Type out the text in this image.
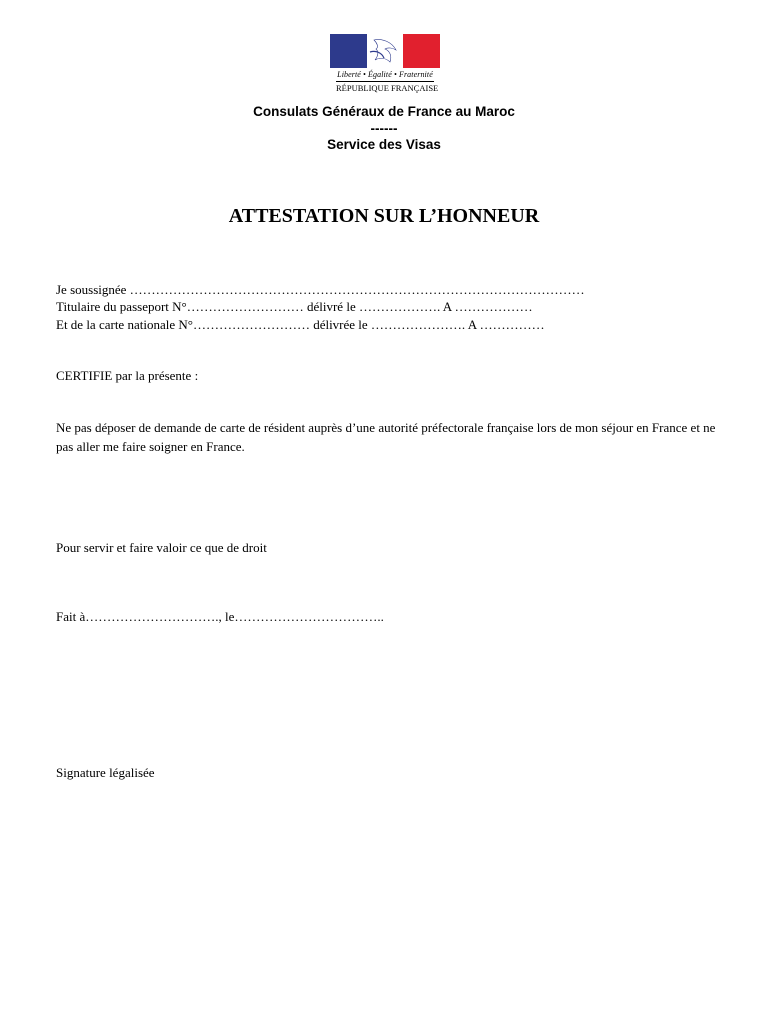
Liberté • Égalité • Fraternité
RÉPUBLIQUE FRANÇAISE
Consulats Généraux de France au Maroc
------
Service des Visas
ATTESTATION SUR L’HONNEUR
Je soussignée ……………………………………………………………………………………………
Titulaire du passeport N°……………………… délivré le ………………. A ………………
Et de la carte nationale N°……………………… délivrée le …………………. A ……………
CERTIFIE par la présente :
Ne pas déposer de demande de carte de résident auprès d’une autorité préfectorale française lors de mon séjour en France et ne pas aller me faire soigner en France.
Pour servir et faire valoir ce que de droit
Fait à…………………………., le……………………………..
Signature légalisée
